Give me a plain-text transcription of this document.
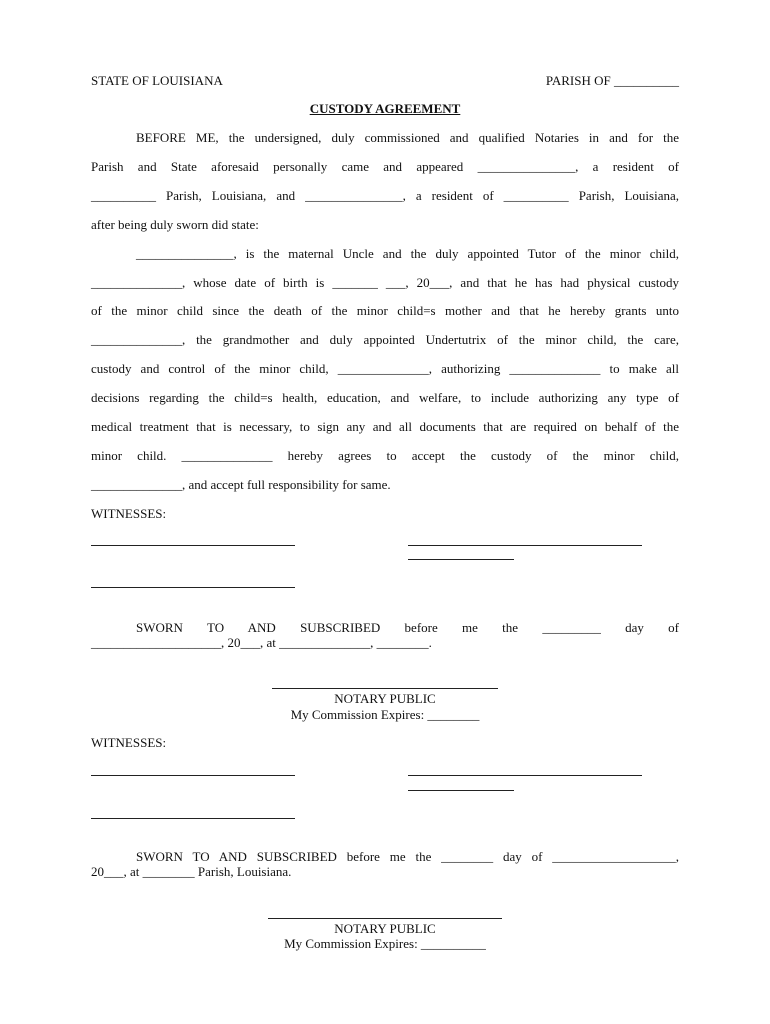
STATE OF LOUISIANA	PARISH OF __________
CUSTODY AGREEMENT
BEFORE ME, the undersigned, duly commissioned and qualified Notaries in and for the
Parish and State aforesaid personally came and appeared _______________, a resident of
__________ Parish, Louisiana, and _______________, a resident of __________ Parish, Louisiana,
after being duly sworn did state:
_______________, is the maternal Uncle and the duly appointed Tutor of the minor child,
______________, whose date of birth is _______ ___, 20___, and that he has had physical custody
of the minor child since the death of the minor child=s mother and that he hereby grants unto
______________, the grandmother and duly appointed Undertutrix of the minor child, the care,
custody and control of the minor child, ______________, authorizing ______________ to make all
decisions regarding the child=s health, education, and welfare, to include authorizing any type of
medical treatment that is necessary, to sign any and all documents that are required on behalf of the
minor child. ______________ hereby agrees to accept the custody of the minor child,
______________, and accept full responsibility for same.
WITNESSES:
SWORN TO AND SUBSCRIBED before me the _________ day of
____________________, 20___, at ______________, ________.
NOTARY PUBLIC
My Commission Expires: ________
WITNESSES:
SWORN TO AND SUBSCRIBED before me the ________ day of ___________________,
20___, at ________ Parish, Louisiana.
NOTARY PUBLIC
My Commission Expires: __________
